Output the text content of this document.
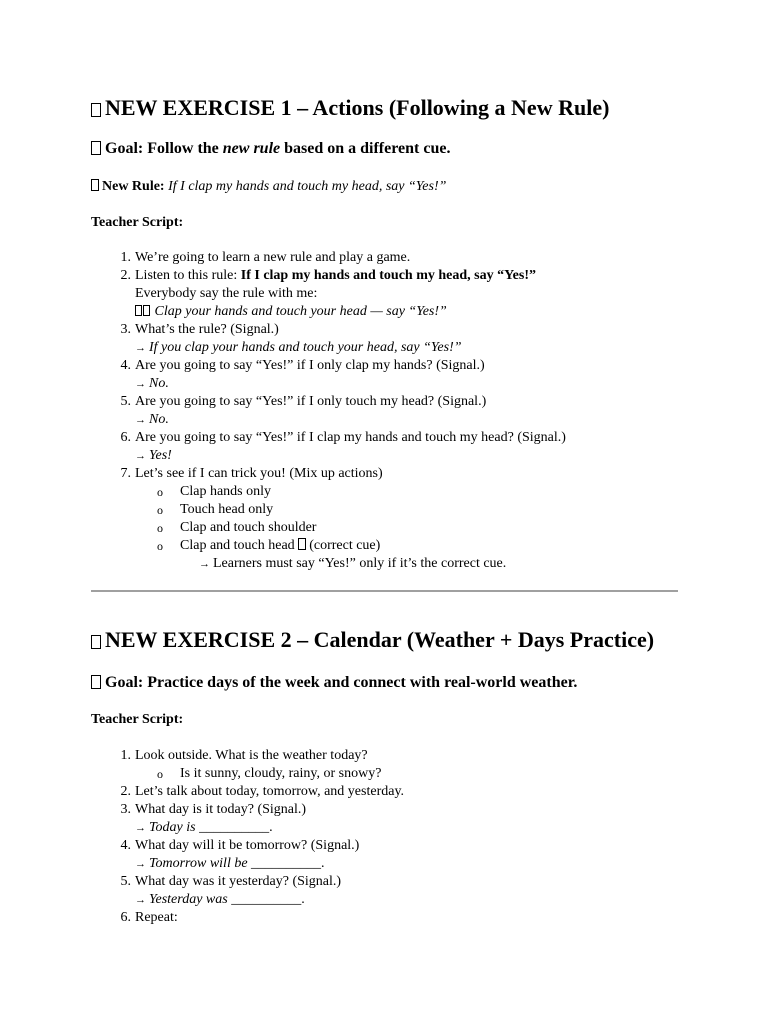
NEW EXERCISE 1 – Actions (Following a New Rule)
Goal: Follow the new rule based on a different cue.
New Rule: If I clap my hands and touch my head, say “Yes!”
Teacher Script:
1. We’re going to learn a new rule and play a game.
2. Listen to this rule: If I clap my hands and touch my head, say “Yes!”
Everybody say the rule with me:
Clap your hands and touch your head — say “Yes!”
3. What’s the rule? (Signal.)
→ If you clap your hands and touch your head, say “Yes!”
4. Are you going to say “Yes!” if I only clap my hands? (Signal.)
→ No.
5. Are you going to say “Yes!” if I only touch my head? (Signal.)
→ No.
6. Are you going to say “Yes!” if I clap my hands and touch my head? (Signal.)
→ Yes!
7. Let’s see if I can trick you! (Mix up actions)
o Clap hands only
o Touch head only
o Clap and touch shoulder
o Clap and touch head (correct cue)
→ Learners must say “Yes!” only if it’s the correct cue.
NEW EXERCISE 2 – Calendar (Weather + Days Practice)
Goal: Practice days of the week and connect with real-world weather.
Teacher Script:
1. Look outside. What is the weather today?
o Is it sunny, cloudy, rainy, or snowy?
2. Let’s talk about today, tomorrow, and yesterday.
3. What day is it today? (Signal.)
→ Today is __________.
4. What day will it be tomorrow? (Signal.)
→ Tomorrow will be __________.
5. What day was it yesterday? (Signal.)
→ Yesterday was __________.
6. Repeat:
